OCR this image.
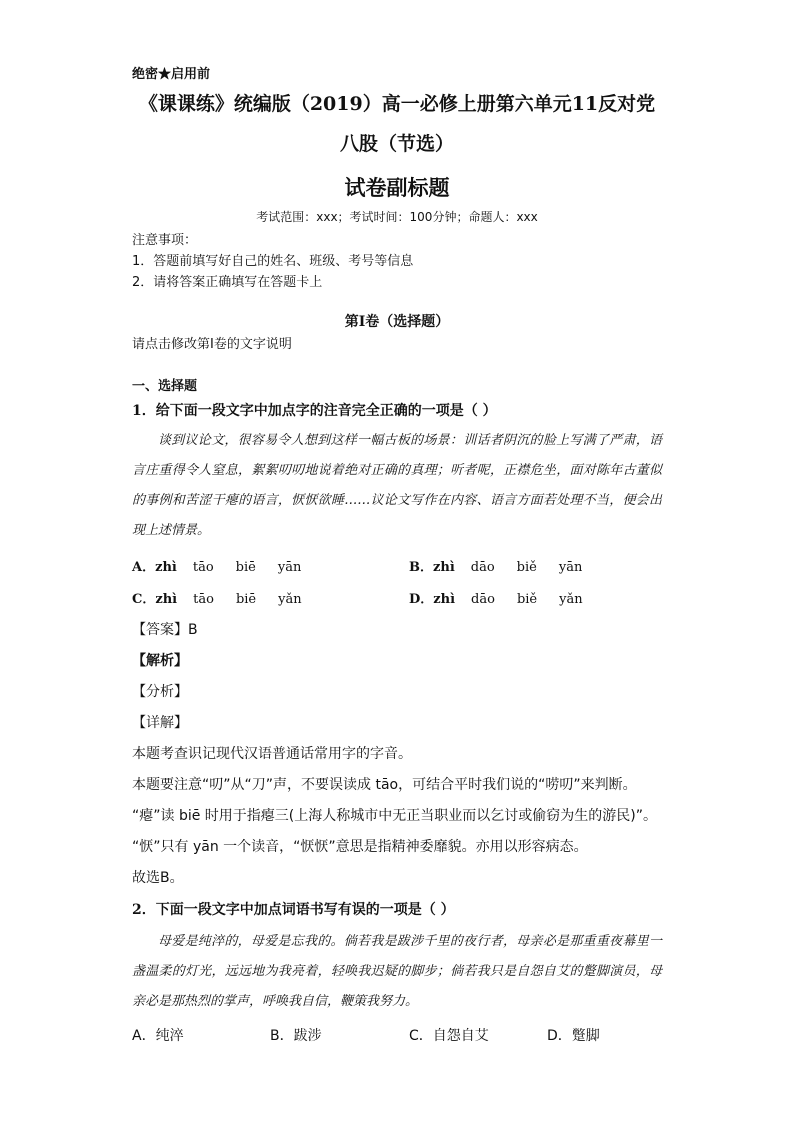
绝密★启用前
《课课练》统编版（2019）高一必修上册第六单元11反对党
八股（节选）
试卷副标题
考试范围：xxx；考试时间：100分钟；命题人：xxx
注意事项：
1．答题前填写好自己的姓名、班级、考号等信息
2．请将答案正确填写在答题卡上
第I卷（选择题）
请点击修改第I卷的文字说明
一、选择题
1．给下面一段文字中加点字的注音完全正确的一项是（ ）

谈到议论文，很容易令人想到这样一幅古板的场景：训话者阴沉的脸上写满了严肃，语言庄重得令人窒息，絮絮叨叨地说着绝对正确的真理；听者呢，正襟危坐，面对陈年古董似的事例和苦涩干瘪的语言，恹恹欲睡……议论文写作在内容、语言方面若处理不当，便会出现上述情景。

A．zhì tāo biē yān	B．zhì dāo biě yān
C．zhì tāo biē yǎn	D．zhì dāo biě yǎn
【答案】B
【解析】
【分析】
【详解】
本题考查识记现代汉语普通话常用字的字音。
本题要注意“叨”从“刀”声，不要误读成 tāo，可结合平时我们说的“唠叨”来判断。
“瘪”读 biē 时用于指瘪三(上海人称城市中无正当职业而以乞讨或偷窃为生的游民)”。
“恹”只有 yān 一个读音，“恹恹”意思是指精神委靡貌。亦用以形容病态。
故选B。
2．下面一段文字中加点词语书写有误的一项是（ ）

母爱是纯淬的，母爱是忘我的。倘若我是跋涉千里的夜行者，母亲必是那重重夜幕里一盏温柔的灯光，远远地为我亮着，轻唤我迟疑的脚步；倘若我只是自怨自艾的蹩脚演员，母亲必是那热烈的掌声，呼唤我自信，鞭策我努力。

A．纯淬	B．跋涉	C．自怨自艾	D．蹩脚
